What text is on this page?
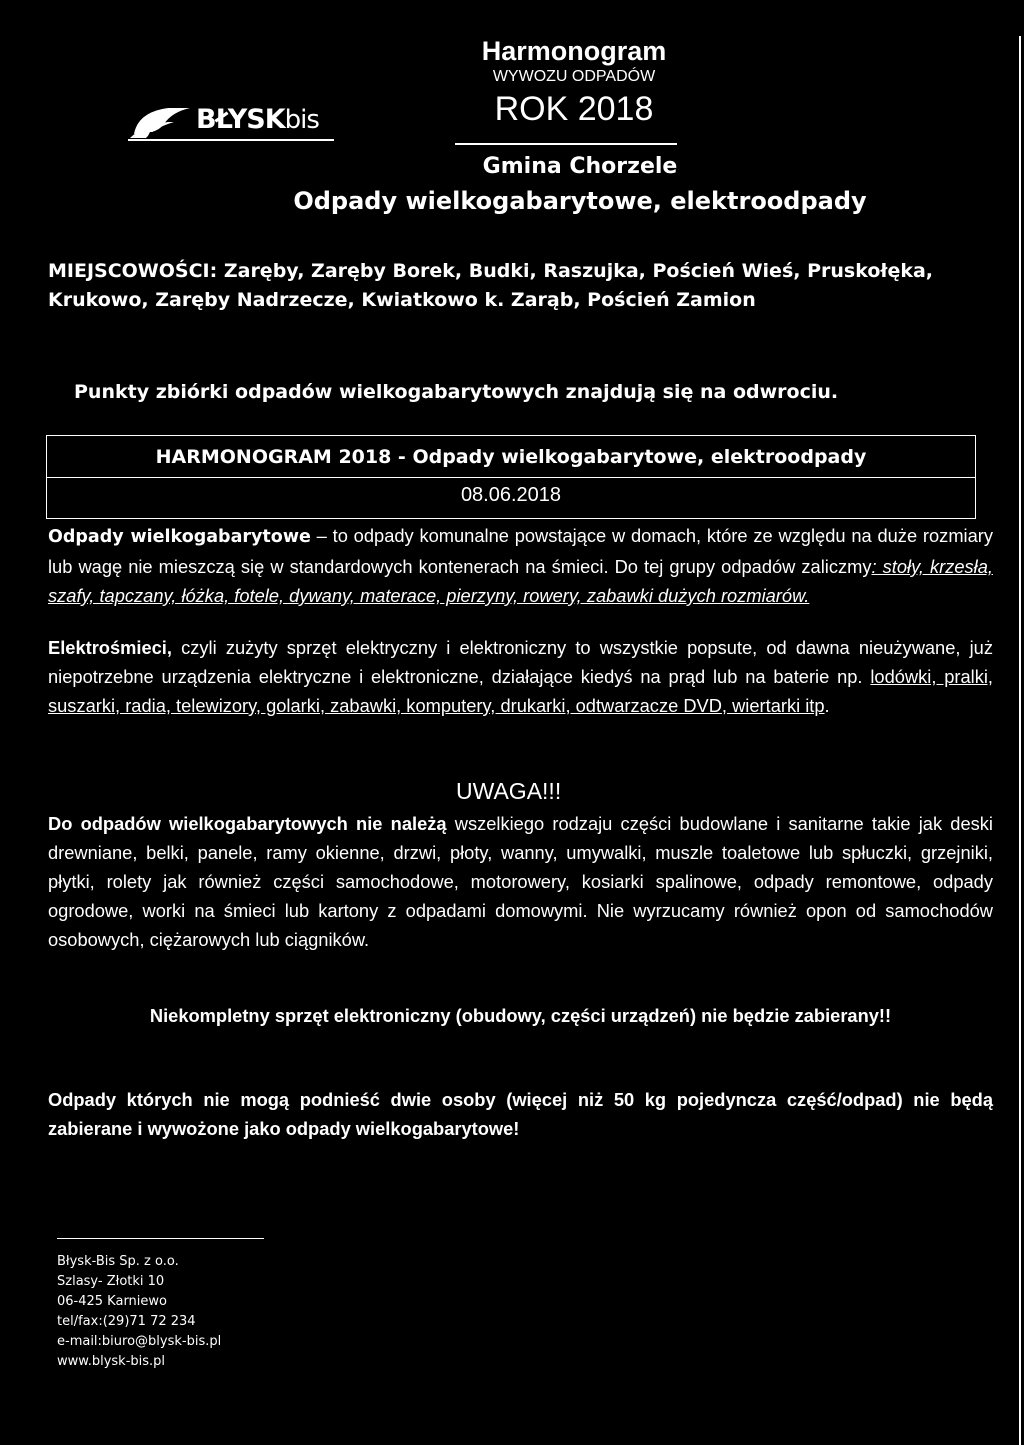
BŁYSKbis
Harmonogram
WYWOZU ODPADÓW
ROK 2018
Gmina Chorzele
Odpady wielkogabarytowe, elektroodpady
MIEJSCOWOŚCI: Zaręby, Zaręby Borek, Budki, Raszujka, Poścień Wieś, Pruskołęka, Krukowo, Zaręby Nadrzecze, Kwiatkowo k. Zarąb, Poścień Zamion
Punkty zbiórki odpadów wielkogabarytowych znajdują się na odwrociu.
HARMONOGRAM 2018 - Odpady wielkogabarytowe, elektroodpady
08.06.2018
Odpady wielkogabarytowe – to odpady komunalne powstające w domach, które ze względu na duże rozmiary lub wagę nie mieszczą się w standardowych kontenerach na śmieci. Do tej grupy odpadów zaliczmy: stoły, krzesła, szafy, tapczany, łóżka, fotele, dywany, materace, pierzyny, rowery, zabawki dużych rozmiarów.
Elektrośmieci, czyli zużyty sprzęt elektryczny i elektroniczny to wszystkie popsute, od dawna nieużywane, już niepotrzebne urządzenia elektryczne i elektroniczne, działające kiedyś na prąd lub na baterie np. lodówki, pralki, suszarki, radia, telewizory, golarki, zabawki, komputery, drukarki, odtwarzacze DVD, wiertarki itp.
UWAGA!!!
Do odpadów wielkogabarytowych nie należą wszelkiego rodzaju części budowlane i sanitarne takie jak deski drewniane, belki, panele, ramy okienne, drzwi, płoty, wanny, umywalki, muszle toaletowe lub spłuczki, grzejniki, płytki, rolety jak również części samochodowe, motorowery, kosiarki spalinowe, odpady remontowe, odpady ogrodowe, worki na śmieci lub kartony z odpadami domowymi. Nie wyrzucamy również opon od samochodów osobowych, ciężarowych lub ciągników.
Niekompletny sprzęt elektroniczny (obudowy, części urządzeń) nie będzie zabierany!!
Odpady których nie mogą podnieść dwie osoby (więcej niż 50 kg pojedyncza część/odpad) nie będą zabierane i wywożone jako odpady wielkogabarytowe!
Błysk-Bis Sp. z o.o.
Szlasy- Złotki 10
06-425 Karniewo
tel/fax:(29)71 72 234
e-mail:biuro@blysk-bis.pl
www.blysk-bis.pl
